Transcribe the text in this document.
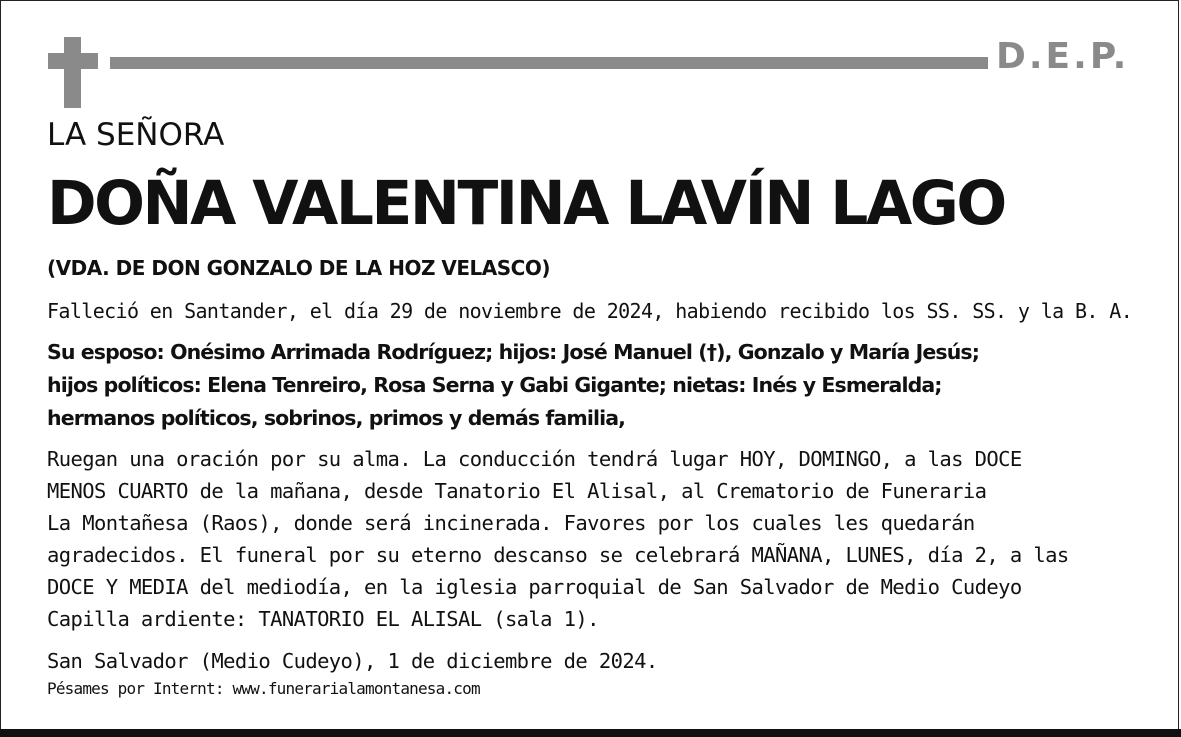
D.E.P.
LA SEÑORA
DOÑA VALENTINA LAVÍN LAGO
(VDA. DE DON GONZALO DE LA HOZ VELASCO)
Falleció en Santander, el día 29 de noviembre de 2024, habiendo recibido los SS. SS. y la B. A.
Su esposo: Onésimo Arrimada Rodríguez; hijos: José Manuel (†), Gonzalo y María Jesús;
hijos políticos: Elena Tenreiro, Rosa Serna y Gabi Gigante; nietas: Inés y Esmeralda;
hermanos políticos, sobrinos, primos y demás familia,
Ruegan una oración por su alma. La conducción tendrá lugar HOY, DOMINGO, a las DOCE
MENOS CUARTO de la mañana, desde Tanatorio El Alisal, al Crematorio de Funeraria
La Montañesa (Raos), donde será incinerada. Favores por los cuales les quedarán
agradecidos. El funeral por su eterno descanso se celebrará MAÑANA, LUNES, día 2, a las
DOCE Y MEDIA del mediodía, en la iglesia parroquial de San Salvador de Medio Cudeyo
Capilla ardiente: TANATORIO EL ALISAL (sala 1).
San Salvador (Medio Cudeyo), 1 de diciembre de 2024.
Pésames por Internt: www.funerarialamontanesa.com
